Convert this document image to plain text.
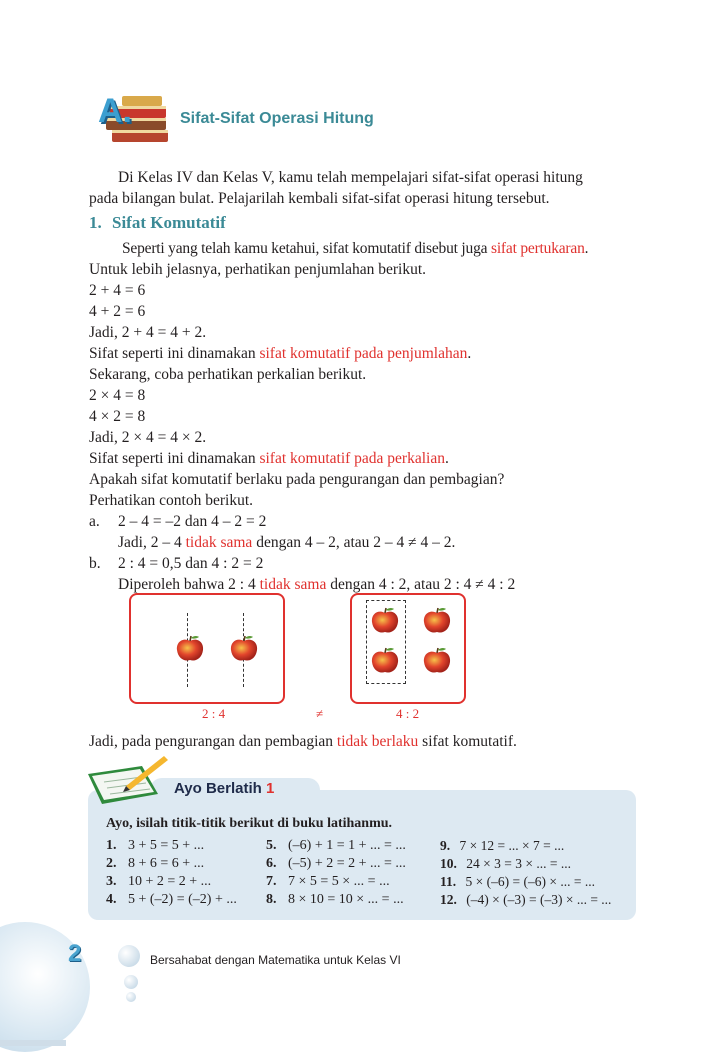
A.	Sifat-Sifat Operasi Hitung
Di Kelas IV dan Kelas V, kamu telah mempelajari sifat-sifat operasi hitung
pada bilangan bulat. Pelajarilah kembali sifat-sifat operasi hitung tersebut.
1. Sifat Komutatif
Seperti yang telah kamu ketahui, sifat komutatif disebut juga sifat pertukaran.
Untuk lebih jelasnya, perhatikan penjumlahan berikut.
2 + 4 = 6
4 + 2 = 6
Jadi, 2 + 4 = 4 + 2.
Sifat seperti ini dinamakan sifat komutatif pada penjumlahan.
Sekarang, coba perhatikan perkalian berikut.
2 × 4 = 8
4 × 2 = 8
Jadi, 2 × 4 = 4 × 2.
Sifat seperti ini dinamakan sifat komutatif pada perkalian.
Apakah sifat komutatif berlaku pada pengurangan dan pembagian?
Perhatikan contoh berikut.
a. 2 – 4 = –2 dan 4 – 2 = 2
Jadi, 2 – 4 tidak sama dengan 4 – 2, atau 2 – 4 ≠ 4 – 2.
b. 2 : 4 = 0,5 dan 4 : 2 = 2
Diperoleh bahwa 2 : 4 tidak sama dengan 4 : 2, atau 2 : 4 ≠ 4 : 2
2 : 4	≠	4 : 2
Jadi, pada pengurangan dan pembagian tidak berlaku sifat komutatif.
Ayo Berlatih 1
Ayo, isilah titik-titik berikut di buku latihanmu.
1. 3 + 5 = 5 + ...
2. 8 + 6 = 6 + ...
3. 10 + 2 = 2 + ...
4. 5 + (–2) = (–2) + ...
5. (–6) + 1 = 1 + ... = ...
6. (–5) + 2 = 2 + ... = ...
7. 7 × 5 = 5 × ... = ...
8. 8 × 10 = 10 × ... = ...
9. 7 × 12 = ... × 7 = ...
10. 24 × 3 = 3 × ... = ...
11. 5 × (–6) = (–6) × ... = ...
12. (–4) × (–3) = (–3) × ... = ...
2	Bersahabat dengan Matematika untuk Kelas VI
